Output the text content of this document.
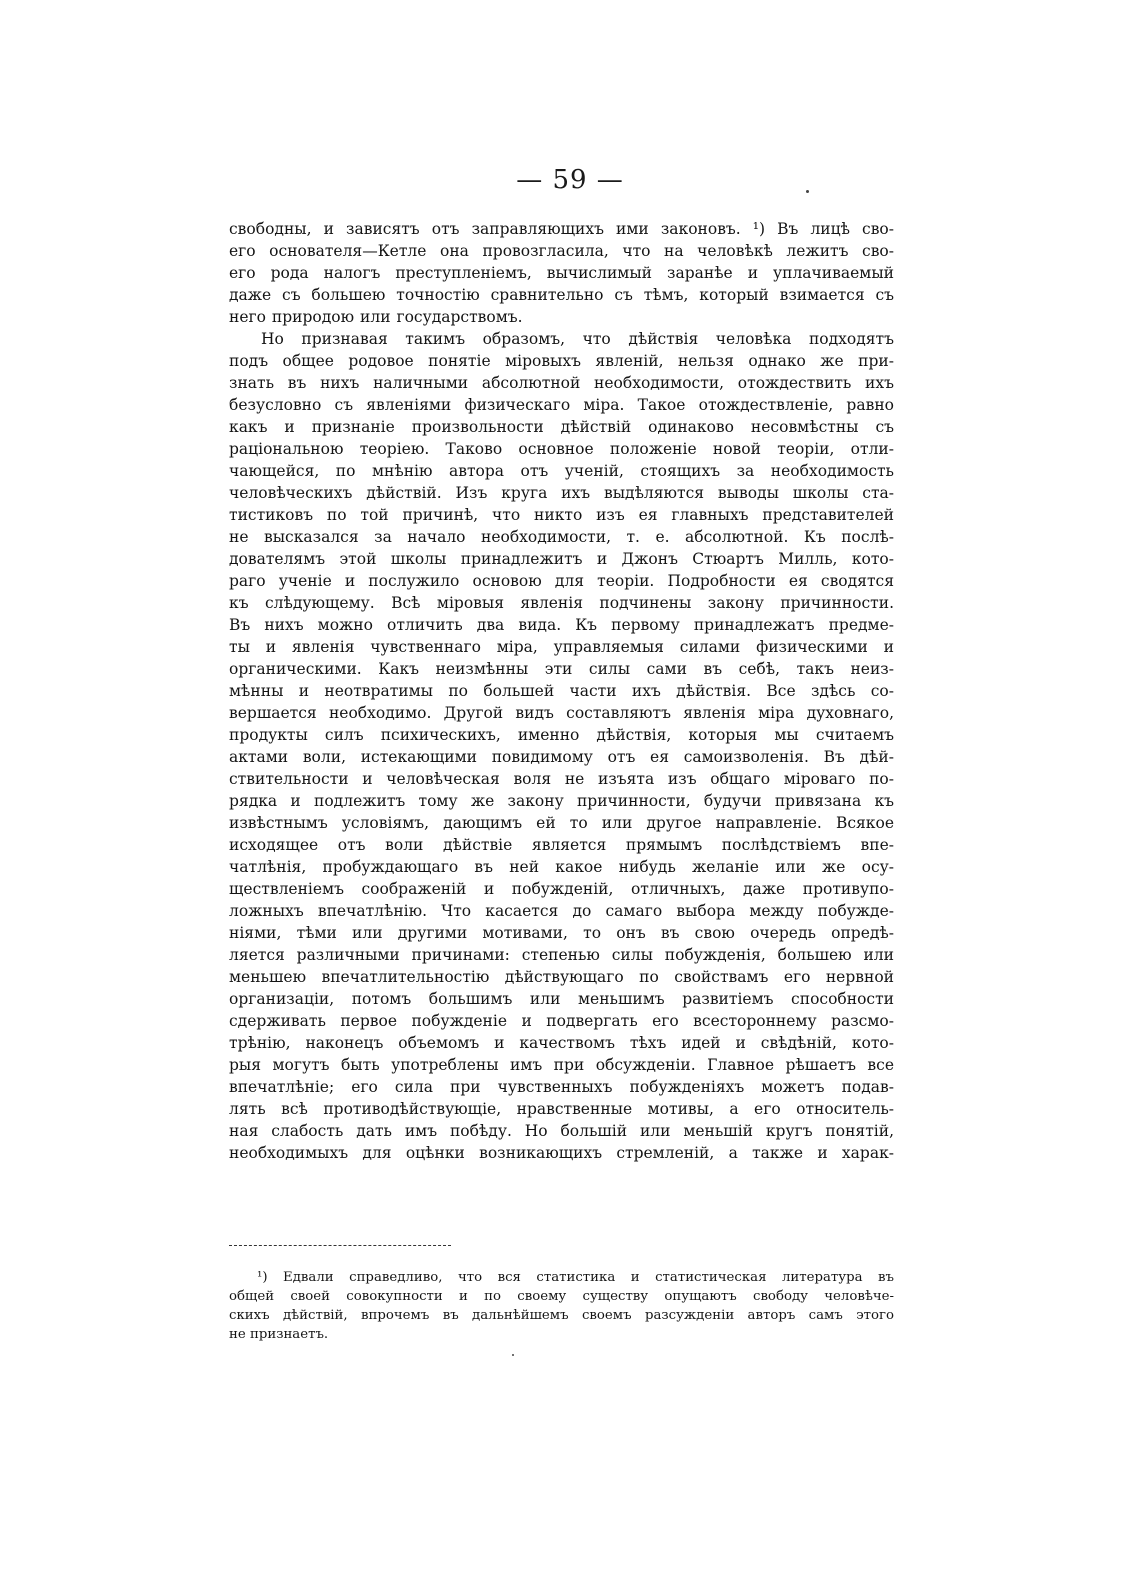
— 59 —
свободны, и зависятъ отъ заправляющихъ ими законовъ. ¹) Въ лицѣ сво-
его основателя—Кетле она провозгласила, что на человѣкѣ лежитъ сво-
его рода налогъ преступленіемъ, вычислимый заранѣе и уплачиваемый
даже съ большею точностію сравнительно съ тѣмъ, который взимается съ
него природою или государствомъ.
Но признавая такимъ образомъ, что дѣйствія человѣка подходятъ
подъ общее родовое понятіе міровыхъ явленій, нельзя однако же при-
знать въ нихъ наличными абсолютной необходимости, отождествить ихъ
безусловно съ явленіями физическаго міра. Такое отождествленіе, равно
какъ и признаніе произвольности дѣйствій одинаково несовмѣстны съ
раціональною теоріею. Таково основное положеніе новой теоріи, отли-
чающейся, по мнѣнію автора отъ ученій, стоящихъ за необходимость
человѣческихъ дѣйствій. Изъ круга ихъ выдѣляются выводы школы ста-
тистиковъ по той причинѣ, что никто изъ ея главныхъ представителей
не высказался за начало необходимости, т. е. абсолютной. Къ послѣ-
дователямъ этой школы принадлежитъ и Джонъ Стюартъ Милль, кото-
раго ученіе и послужило основою для теоріи. Подробности ея сводятся
къ слѣдующему. Всѣ міровыя явленія подчинены закону причинности.
Въ нихъ можно отличить два вида. Къ первому принадлежатъ предме-
ты и явленія чувственнаго міра, управляемыя силами физическими и
органическими. Какъ неизмѣнны эти силы сами въ себѣ, такъ неиз-
мѣнны и неотвратимы по большей части ихъ дѣйствія. Все здѣсь со-
вершается необходимо. Другой видъ составляютъ явленія міра духовнаго,
продукты силъ психическихъ, именно дѣйствія, которыя мы считаемъ
актами воли, истекающими повидимому отъ ея самоизволенія. Въ дѣй-
ствительности и человѣческая воля не изъята изъ общаго міроваго по-
рядка и подлежитъ тому же закону причинности, будучи привязана къ
извѣстнымъ условіямъ, дающимъ ей то или другое направленіе. Всякое
исходящее отъ воли дѣйствіе является прямымъ послѣдствіемъ впе-
чатлѣнія, пробуждающаго въ ней какое нибудь желаніе или же осу-
ществленіемъ соображеній и побужденій, отличныхъ, даже противупо-
ложныхъ впечатлѣнію. Что касается до самаго выбора между побужде-
ніями, тѣми или другими мотивами, то онъ въ свою очередь опредѣ-
ляется различными причинами: степенью силы побужденія, большею или
меньшею впечатлительностію дѣйствующаго по свойствамъ его нервной
организаціи, потомъ большимъ или меньшимъ развитіемъ способности
сдерживать первое побужденіе и подвергать его всестороннему разсмо-
трѣнію, наконецъ объемомъ и качествомъ тѣхъ идей и свѣдѣній, кото-
рыя могутъ быть употреблены имъ при обсужденіи. Главное рѣшаетъ все
впечатлѣніе; его сила при чувственныхъ побужденіяхъ можетъ подав-
лять всѣ противодѣйствующіе, нравственные мотивы, а его относитель-
ная слабость дать имъ побѣду. Но большій или меньшій кругъ понятій,
необходимыхъ для оцѣнки возникающихъ стремленій, а также и харак-
¹) Едвали справедливо, что вся статистика и статистическая литература въ
общей своей совокупности и по своему существу опущаютъ свободу человѣче-
скихъ дѣйствій, впрочемъ въ дальнѣйшемъ своемъ разсужденіи авторъ самъ этого
не признаетъ.
